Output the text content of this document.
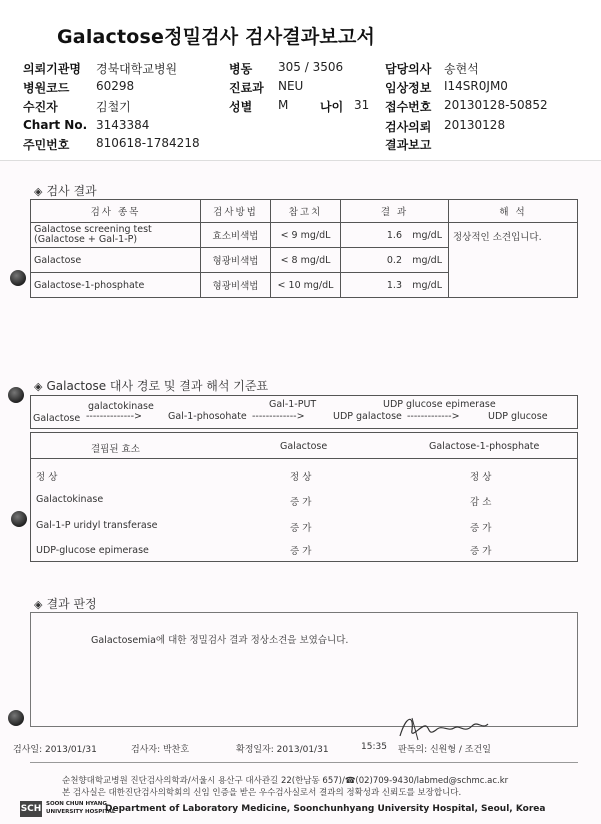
Galactose정밀검사 검사결과보고서
의뢰기관명 경북대학교병원
병원코드 60298
수진자	김철기
Chart No. 3143384
주민번호 810618-1784218
병동 305 / 3506
진료과 NEU
성별 M	나이 31
담당의사 송현석
임상정보 I14SR0JM0
접수번호 20130128-50852
검사의뢰 20130128
결과보고
◈ 검사 결과
검사 종목	검사방법	참고치	결 과	해 석
Galactose screening test
(Galactose + Gal-1-P)	효소비색법	< 9 mg/dL	1.6 mg/dL	정상적인 소견입니다.
Galactose	형광비색법	< 8 mg/dL	0.2 mg/dL	
Galactose-1-phosphate	형광비색법	< 10 mg/dL	1.3 mg/dL	
◈ Galactose 대사 경로 및 결과 해석 기준표
galactokinase	Gal-1-PUT	UDP glucose epimerase
Galactose -------------->	Gal-1-phosohate ------------->	UDP galactose ------------->	UDP glucose
결핍된 효소	Galactose	Galactose-1-phosphate
정 상	정 상	정 상
Galactokinase	증 가	감 소
Gal-1-P uridyl transferase	증 가	증 가
UDP-glucose epimerase	증 가	증 가
◈ 결과 판정
Galactosemia에 대한 정밀검사 결과 정상소견을 보였습니다.
검사일: 2013/01/31	검사자: 박찬호	확정일자: 2013/01/31	15:35 판독의: 신원형 / 조건일
순천향대학교병원 진단검사의학과/서울시 용산구 대사관길 22(한남동 657)/☎(02)709-9430/labmed@schmc.ac.kr
본 검사실은 대한진단검사의학회의 신임 인증을 받은 우수검사실로서 결과의 정확성과 신뢰도를 보장합니다.
SCH SOON CHUN HYANG
UNIVERSITY HOSPITAL
Department of Laboratory Medicine, Soonchunhyang University Hospital, Seoul, Korea
